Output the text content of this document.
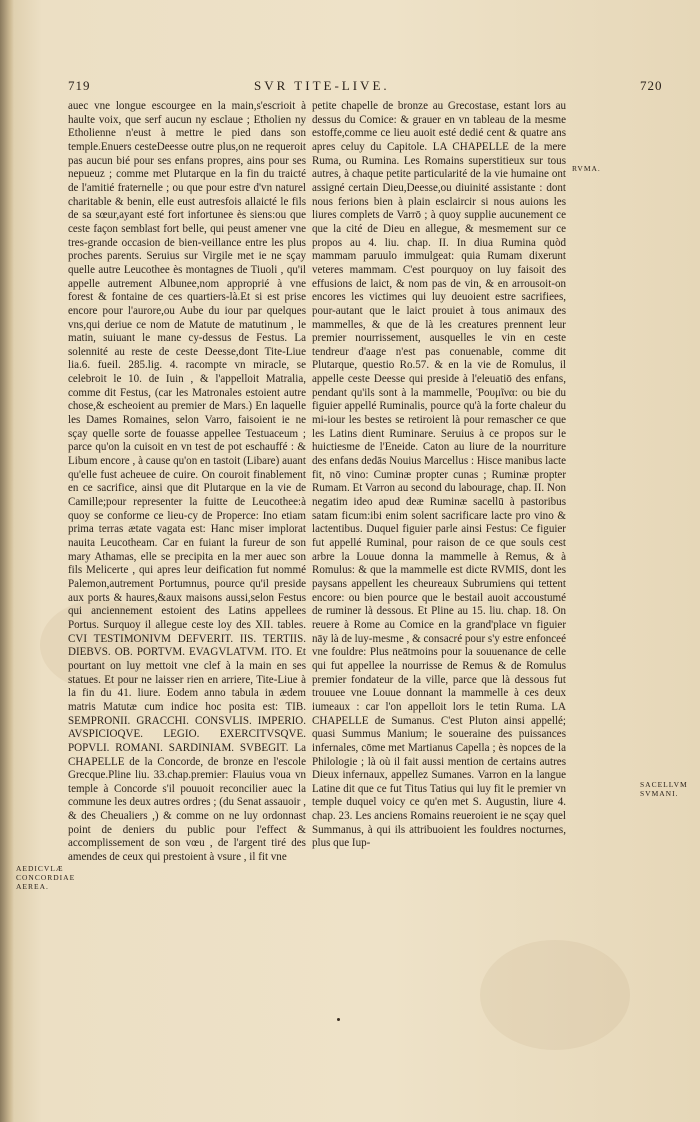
719	SVR TITE-LIVE.	720

auec vne longue escourgee en la main,s'escrioit à haulte voix, que serf aucun ny esclaue ; Etholien ny Etholienne n'eust à mettre le pied dans son temple.Enuers cesteDeesse outre plus,on ne requeroit pas aucun bié pour ses enfans propres, ains pour ses nepueuz ; comme met Plutarque en la fin du traicté de l'amitié fraternelle ; ou que pour estre d'vn naturel charitable & benin, elle eust autresfois allaicté le fils de sa sœur,ayant esté fort infortunee ès siens:ou que ceste façon semblast fort belle, qui peust amener vne tres-grande occasion de bien-veillance entre les plus proches parents. Seruius sur Virgile met ie ne sçay quelle autre Leucothee ès montagnes de Tiuoli , qu'il appelle autrement Albunee,nom approprié à vne forest & fontaine de ces quartiers-là.Et si est prise encore pour l'aurore,ou Aube du iour par quelques vns,qui deriue ce nom de Matute de matutinum , le matin, suiuant le mane cy-dessus de Festus. La solennité au reste de ceste Deesse,dont Tite-Liue lia.6. fueil. 285.lig. 4. racompte vn miracle, se celebroit le 10. de Iuin , & l'appelloit Matralia, comme dit Festus, (car les Matronales estoient autre chose,& escheoient au premier de Mars.) En laquelle les Dames Romaines, selon Varro, faisoient ie ne sçay quelle sorte de fouasse appellee Testuaceum ; parce qu'on la cuisoit en vn test de pot eschauffé : & Libum encore , à cause qu'on en tastoit (Libare) auant qu'elle fust acheuee de cuire. On couroit finablement en ce sacrifice, ainsi que dit Plutarque en la vie de Camille;pour representer la fuitte de Leucothee:à quoy se conforme ce lieu-cy de Properce: Ino etiam prima terras ætate vagata est: Hanc miser implorat nauita Leucotheam. Car en fuiant la fureur de son mary Athamas, elle se precipita en la mer auec son fils Melicerte , qui apres leur deification fut nommé Palemon,autrement Portumnus, pource qu'il preside aux ports & haures,&aux maisons aussi,selon Festus qui anciennement estoient des Latins appellees Portus. Surquoy il allegue ceste loy des XII. tables. CVI TESTIMONIVM DEFVERIT. IIS. TERTIIS. DIEBVS. OB. PORTVM. EVAGVLATVM. ITO. Et pourtant on luy mettoit vne clef à la main en ses statues. Et pour ne laisser rien en arriere, Tite-Liue à la fin du 41. liure. Eodem anno tabula in ædem matris Matutæ cum indice hoc posita est: TIB. SEMPRONII. GRACCHI. CONSVLIS. IMPERIO. AVSPICIOQVE. LEGIO. EXERCITVSQVE. POPVLI. ROMANI. SARDINIAM. SVBEGIT. La CHAPELLE de la Concorde, de bronze en l'escole Grecque.Pline liu. 33.chap.premier: Flauius voua vn temple à Concorde s'il pouuoit reconcilier auec la commune les deux autres ordres ; (du Senat assauoir , & des Cheualiers ,) & comme on ne luy ordonnast point de deniers du public pour l'effect & accomplissement de son vœu , de l'argent tiré des amendes de ceux qui prestoient à vsure , il fit vne

petite chapelle de bronze au Grecostase, estant lors au dessus du Comice: & grauer en vn tableau de la mesme estoffe,comme ce lieu auoit esté dedié cent & quatre ans apres celuy du Capitole. LA CHAPELLE de la mere Ruma, ou Rumina. Les Romains superstitieux sur tous autres, à chaque petite particularité de la vie humaine ont assigné certain Dieu,Deesse,ou diuinité assistante : dont nous ferions bien à plain esclaircir si nous auions les liures complets de Varrō ; à quoy supplie aucunement ce que la cité de Dieu en allegue, & mesmement sur ce propos au 4. liu. chap. II. In diua Rumina quòd mammam paruulo immulgeat: quia Rumam dixerunt veteres mammam. C'est pourquoy on luy faisoit des effusions de laict, & nom pas de vin, & en arrousoit-on encores les victimes qui luy deuoient estre sacrifiees, pour-autant que le laict prouiet à tous animaux des mammelles, & que de là les creatures prennent leur premier nourrissement, ausquelles le vin en ceste tendreur d'aage n'est pas conuenable, comme dit Plutarque, questio Ro.57. & en la vie de Romulus, il appelle ceste Deesse qui preside à l'eleuatiō des enfans, pendant qu'ils sont à la mammelle, Ῥουμῖνα: ou bie du figuier appellé Ruminalis, pource qu'à la forte chaleur du mi-iour les bestes se retiroient là pour remascher ce que les Latins dient Ruminare. Seruius à ce propos sur le huictiesme de l'Eneide. Caton au liure de la nourriture des enfans dedās Nouius Marcellus : Hisce manibus lacte fit, nō vino: Cuminæ propter cunas ; Ruminæ propter Rumam. Et Varron au second du labourage, chap. II. Non negatim ideo apud deæ Ruminæ sacellū à pastoribus satam ficum:ibi enim solent sacrificare lacte pro vino & lactentibus. Duquel figuier parle ainsi Festus: Ce figuier fut appellé Ruminal, pour raison de ce que souls cest arbre la Louue donna la mammelle à Remus, & à Romulus: & que la mammelle est dicte RVMIS, dont les paysans appellent les cheureaux Subrumiens qui tettent encore: ou bien pource que le bestail auoit accoustumé de ruminer là dessous. Et Pline au 15. liu. chap. 18. On reuere à Rome au Comice en la grand'place vn figuier nāy là de luy-mesme , & consacré pour s'y estre enfonceé vne fouldre: Plus neātmoins pour la souuenance de celle qui fut appellee la nourrisse de Remus & de Romulus premier fondateur de la ville, parce que là dessous fut trouuee vne Louue donnant la mammelle à ces deux iumeaux : car l'on appelloit lors le tetin Ruma. LA CHAPELLE de Sumanus. C'est Pluton ainsi appellé; quasi Summus Manium; le soueraine des puissances infernales, cōme met Martianus Capella ; ès nopces de la Philologie ; là où il fait aussi mention de certains autres Dieux infernaux, appellez Sumanes. Varron en la langue Latine dit que ce fut Titus Tatius qui luy fit le premier vn temple duquel voicy ce qu'en met S. Augustin, liure 4. chap. 23. Les anciens Romains reueroient ie ne sçay quel Summanus, à qui ils attribuoient les fouldres nocturnes, plus que Iup-

RVMA.
AEDICVLÆ
CONCORDIAE
AEREA.
SACELLVM
SVMANI.
